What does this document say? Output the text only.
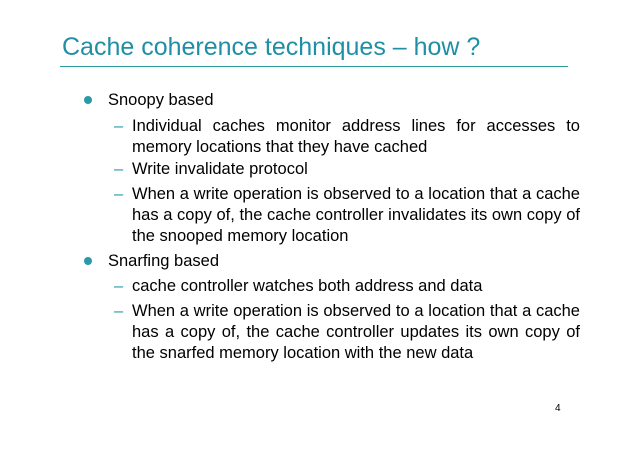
Cache coherence techniques – how ?
Snoopy based
– Individual caches monitor address lines for accesses to memory locations that they have cached
– Write invalidate protocol
– When a write operation is observed to a location that a cache has a copy of, the cache controller invalidates its own copy of the snooped memory location
Snarfing based
– cache controller watches both address and data
– When a write operation is observed to a location that a cache has a copy of, the cache controller updates its own copy of the snarfed memory location with the new data
4
